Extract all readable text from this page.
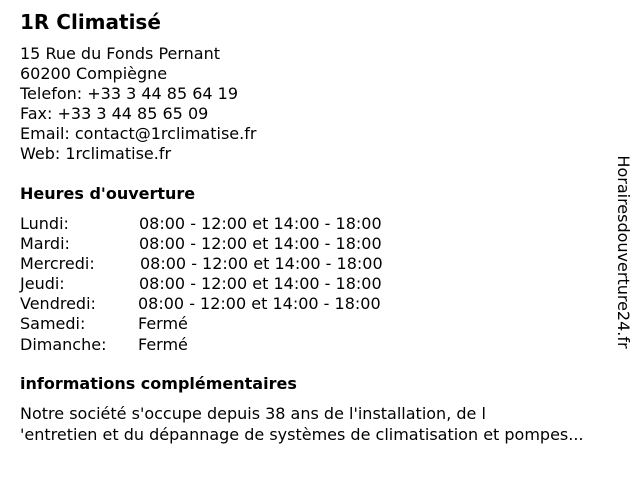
1R Climatisé
15 Rue du Fonds Pernant
60200 Compiègne
Telefon: +33 3 44 85 64 19
Fax: +33 3 44 85 65 09
Email: contact@1rclimatise.fr
Web: 1rclimatise.fr
Heures d'ouverture
Lundi:	08:00 - 12:00 et 14:00 - 18:00
Mardi:	08:00 - 12:00 et 14:00 - 18:00
Mercredi:	08:00 - 12:00 et 14:00 - 18:00
Jeudi:	08:00 - 12:00 et 14:00 - 18:00
Vendredi:	08:00 - 12:00 et 14:00 - 18:00
Samedi:	Fermé
Dimanche: Fermé
informations complémentaires
Notre société s'occupe depuis 38 ans de l'installation, de l
'entretien et du dépannage de systèmes de climatisation et pompes...
Horairesdouverture24.fr
